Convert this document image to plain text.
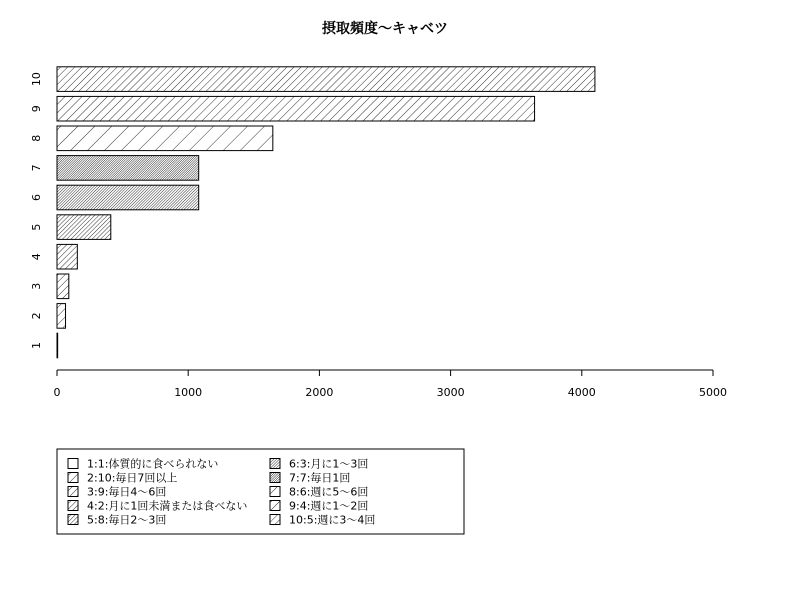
摂取頻度〜キャベツ
1
2
3
4
5
6
7
8
9
10
0	1000	2000	3000	4000	5000
1:1:体質的に食べられない
2:10:毎日7回以上
3:9:毎日4〜6回
4:2:月に1回未満または食べない
5:8:毎日2〜3回
6:3:月に1〜3回
7:7:毎日1回
8:6:週に5〜6回
9:4:週に1〜2回
10:5:週に3〜4回
